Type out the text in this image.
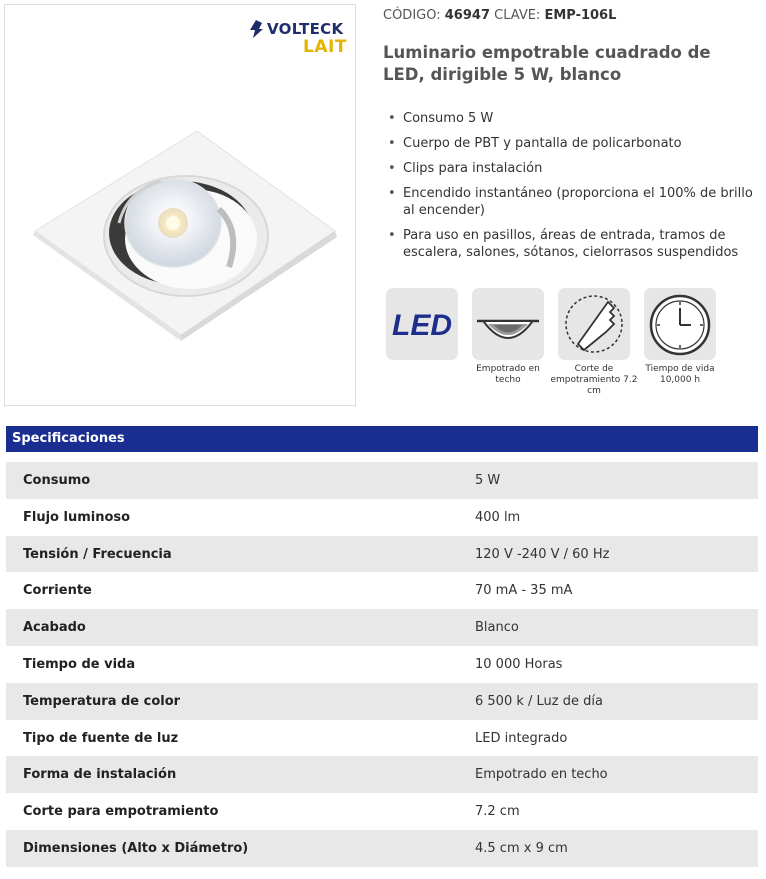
VOLTECK
LAIT
CÓDIGO: 46947 CLAVE: EMP-106L
Luminario empotrable cuadrado de LED, dirigible 5 W, blanco
• Consumo 5 W
• Cuerpo de PBT y pantalla de policarbonato
• Clips para instalación
• Encendido instantáneo (proporciona el 100% de brillo al encender)
• Para uso en pasillos, áreas de entrada, tramos de escalera, salones, sótanos, cielorrasos suspendidos
LED
Empotrado en techo
Corte de empotramiento 7.2 cm
Tiempo de vida 10,000 h
Specificaciones
Consumo	5 W
Flujo luminoso	400 lm
Tensión / Frecuencia	120 V -240 V / 60 Hz
Corriente	70 mA - 35 mA
Acabado	Blanco
Tiempo de vida	10 000 Horas
Temperatura de color	6 500 k / Luz de día
Tipo de fuente de luz	LED integrado
Forma de instalación	Empotrado en techo
Corte para empotramiento	7.2 cm
Dimensiones (Alto x Diámetro)	4.5 cm x 9 cm
